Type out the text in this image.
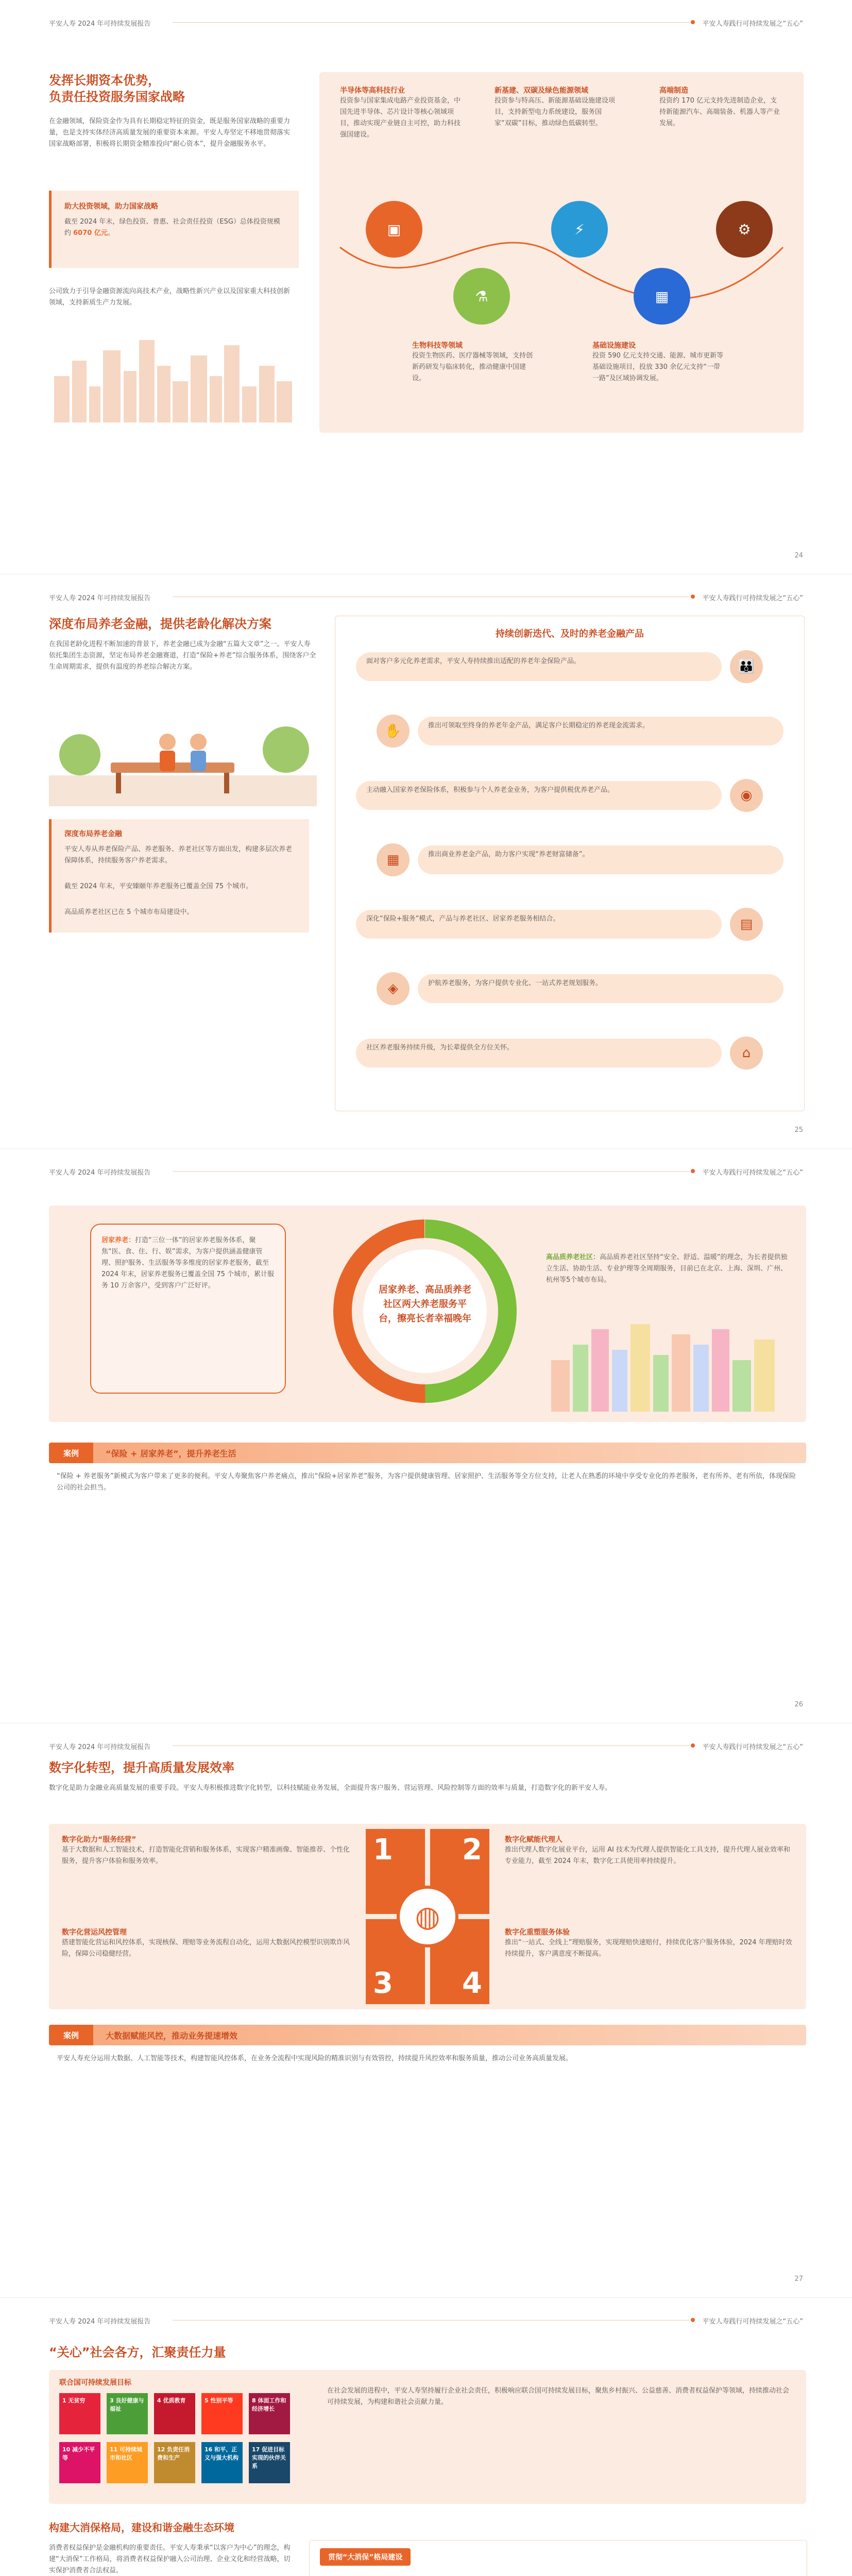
平安人寿 2024 年可持续发展报告	平安人寿践行可持续发展之“五心”
发挥长期资本优势，
负责任投资服务国家战略
在金融领域，保险资金作为具有长期稳定特征的资金，既是服务国家战略的重要力量，也是支持实体经济高质量发展的重要资本来源。平安人寿坚定不移地贯彻落实国家战略部署，积极将长期资金精准投向“耐心资本”，提升金融服务水平。
助大投资领域，助力国家战略
截至 2024 年末，绿色投资、普惠、社会责任投资（ESG）总体投资规模约 6070 亿元。
公司致力于引导金融资源流向高技术产业，战略性新兴产业以及国家重大科技创新领域，支持新质生产力发展。
半导体等高科技行业
投资参与国家集成电路产业投资基金，中国先进半导体、芯片设计等核心领域项目，推动实现产业链自主可控，助力科技强国建设。
新基建、双碳及绿色能源领域
投资参与特高压、新能源基础设施建设项目，支持新型电力系统建设，服务国家“双碳”目标，推动绿色低碳转型。
高端制造
投资约 170 亿元支持先进制造企业，支持新能源汽车、高端装备、机器人等产业发展。
▣	⚡	⚙
⚗	▦
生物科技等领域
投资生物医药、医疗器械等领域，支持创新药研发与临床转化，推动健康中国建设。
基础设施建设
投资 590 亿元支持交通、能源、城市更新等基础设施项目，投放 330 余亿元支持“一带一路”及区域协调发展。
24
平安人寿 2024 年可持续发展报告	平安人寿践行可持续发展之“五心”
深度布局养老金融，提供老龄化解决方案
在我国老龄化进程不断加速的背景下，养老金融已成为金融“五篇大文章”之一。平安人寿依托集团生态资源，坚定布局养老金融赛道，打造“保险+养老”综合服务体系，围绕客户全生命周期需求，提供有温度的养老综合解决方案。
深度布局养老金融
平安人寿从养老保险产品、养老服务、养老社区等方面出发，构建多层次养老保障体系，持续服务客户养老需求。
截至 2024 年末，平安臻颐年养老服务已覆盖全国 75 个城市。
高品质养老社区已在 5 个城市布局建设中。
持续创新迭代、及时的养老金融产品
面对客户多元化养老需求，平安人寿持续推出适配的养老年金保险产品。	👪
推出可领取至终身的养老年金产品，满足客户长期稳定的养老现金流需求。
✋
主动融入国家养老保险体系，积极参与个人养老金业务，为客户提供税优养老产品。	◉
推出商业养老金产品，助力客户实现“养老财富储备”。
▦
深化“保险+服务”模式，产品与养老社区、居家养老服务相结合。	▤
护航养老服务，为客户提供专业化、一站式养老规划服务。
◈
社区养老服务持续升级，为长辈提供全方位关怀。	⌂
25
平安人寿 2024 年可持续发展报告	平安人寿践行可持续发展之“五心”
居家养老：打造“三位一体”的居家养老服务体系，聚焦“医、食、住、行、娱”需求，为客户提供涵盖健康管理、照护服务、生活服务等多维度的居家养老服务，截至 2024 年末，居家养老服务已覆盖全国 75 个城市，累计服务 10 万余客户，受到客户广泛好评。	居家养老、高品质养老社区两大养老服务平台，擦亮长者幸福晚年
高品质养老社区：高品质养老社区坚持“安全、舒适、温暖”的理念，为长者提供独立生活、协助生活、专业护理等全周期服务，目前已在北京、上海、深圳、广州、杭州等5个城市布局。
案例	“保险 + 居家养老”，提升养老生活
“保险 + 养老服务”新模式为客户带来了更多的便利。平安人寿聚焦客户养老痛点，推出“保险+居家养老”服务，为客户提供健康管理、居家照护、生活服务等全方位支持，让老人在熟悉的环境中享受专业化的养老服务，老有所养、老有所依，体现保险公司的社会担当。
26
平安人寿 2024 年可持续发展报告	平安人寿践行可持续发展之“五心”
数字化转型，提升高质量发展效率
数字化是助力金融业高质量发展的重要手段。平安人寿积极推进数字化转型，以科技赋能业务发展，全面提升客户服务、营运管理、风险控制等方面的效率与质量，打造数字化的新平安人寿。
数字化助力“服务经营”
基于大数据和人工智能技术，打造智能化营销和服务体系，实现客户精准画像、智能推荐、个性化服务，提升客户体验和服务效率。
数字化赋能代理人
推出代理人数字化展业平台，运用 AI 技术为代理人提供智能化工具支持，提升代理人展业效率和专业能力，截至 2024 年末，数字化工具使用率持续提升。
数字化营运风控管理
搭建智能化营运和风控体系，实现核保、理赔等业务流程自动化，运用大数据风控模型识别欺诈风险，保障公司稳健经营。
数字化重塑服务体验
推出“一站式、全线上”理赔服务，实现理赔快速赔付，持续优化客户服务体验，2024 年理赔时效持续提升，客户满意度不断提高。
1	2
3	4
◍
案例	大数据赋能风控，推动业务提速增效
平安人寿充分运用大数据、人工智能等技术，构建智能风控体系，在业务全流程中实现风险的精准识别与有效管控，持续提升风控效率和服务质量，推动公司业务高质量发展。
27
平安人寿 2024 年可持续发展报告	平安人寿践行可持续发展之“五心”
“关心”社会各方，汇聚责任力量
联合国可持续发展目标
1 无贫穷	3 良好健康与福祉
4 优质教育	5 性别平等	8 体面工作和经济增长
10 减少不平等
11 可持续城市和社区
12 负责任消费和生产
16 和平、正义与强大机构
17 促进目标实现的伙伴关系
在社会发展的进程中，平安人寿坚持履行企业社会责任，积极响应联合国可持续发展目标，聚焦乡村振兴、公益慈善、消费者权益保护等领域，持续推动社会可持续发展，为构建和谐社会贡献力量。
构建大消保格局，建设和谐金融生态环境
消费者权益保护是金融机构的重要责任。平安人寿秉承“以客户为中心”的理念，构建“大消保”工作格局，将消费者权益保护融入公司治理、企业文化和经营战略，切实保护消费者合法权益。
贯彻“大消保”格局建设
